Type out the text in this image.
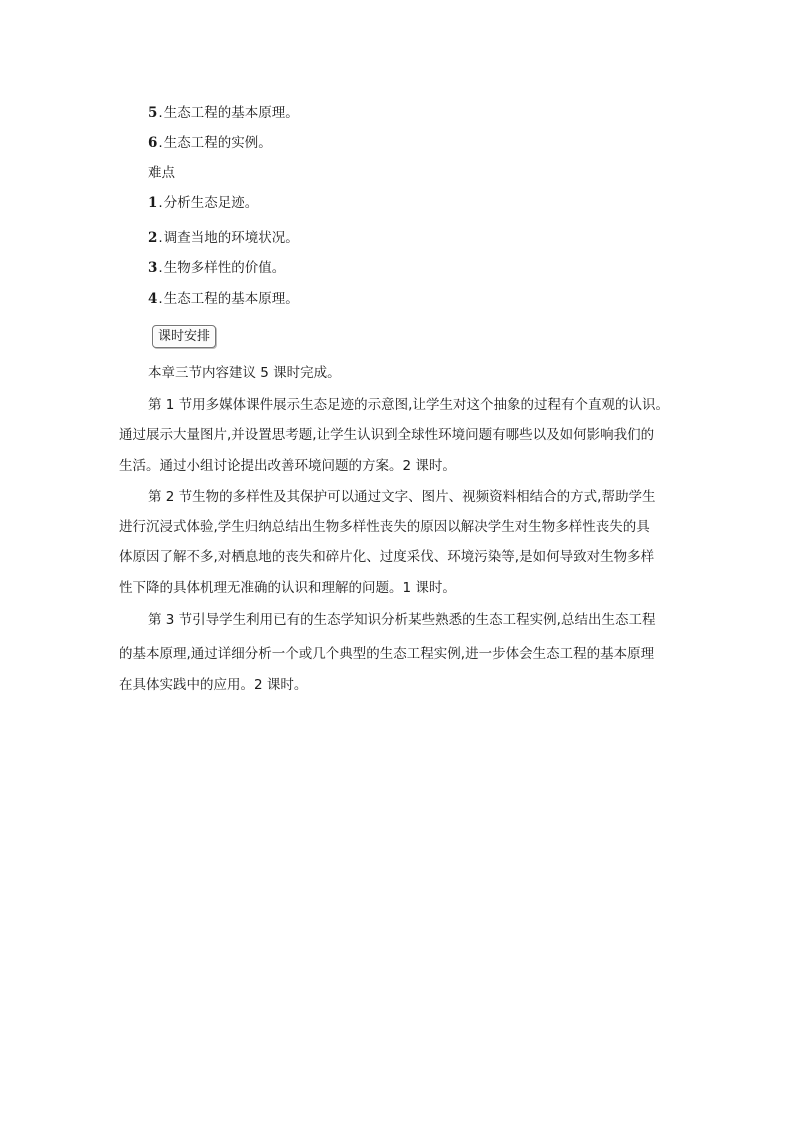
5.生态工程的基本原理。
6.生态工程的实例。
难点
1.分析生态足迹。
2.调查当地的环境状况。
3.生物多样性的价值。
4.生态工程的基本原理。
课时安排
本章三节内容建议 5 课时完成。
第 1 节用多媒体课件展示生态足迹的示意图,让学生对这个抽象的过程有个直观的认识。
通过展示大量图片,并设置思考题,让学生认识到全球性环境问题有哪些以及如何影响我们的
生活。通过小组讨论提出改善环境问题的方案。2 课时。
第 2 节生物的多样性及其保护可以通过文字、图片、视频资料相结合的方式,帮助学生
进行沉浸式体验,学生归纳总结出生物多样性丧失的原因以解决学生对生物多样性丧失的具
体原因了解不多,对栖息地的丧失和碎片化、过度采伐、环境污染等,是如何导致对生物多样
性下降的具体机理无准确的认识和理解的问题。1 课时。
第 3 节引导学生利用已有的生态学知识分析某些熟悉的生态工程实例,总结出生态工程
的基本原理,通过详细分析一个或几个典型的生态工程实例,进一步体会生态工程的基本原理
在具体实践中的应用。2 课时。
